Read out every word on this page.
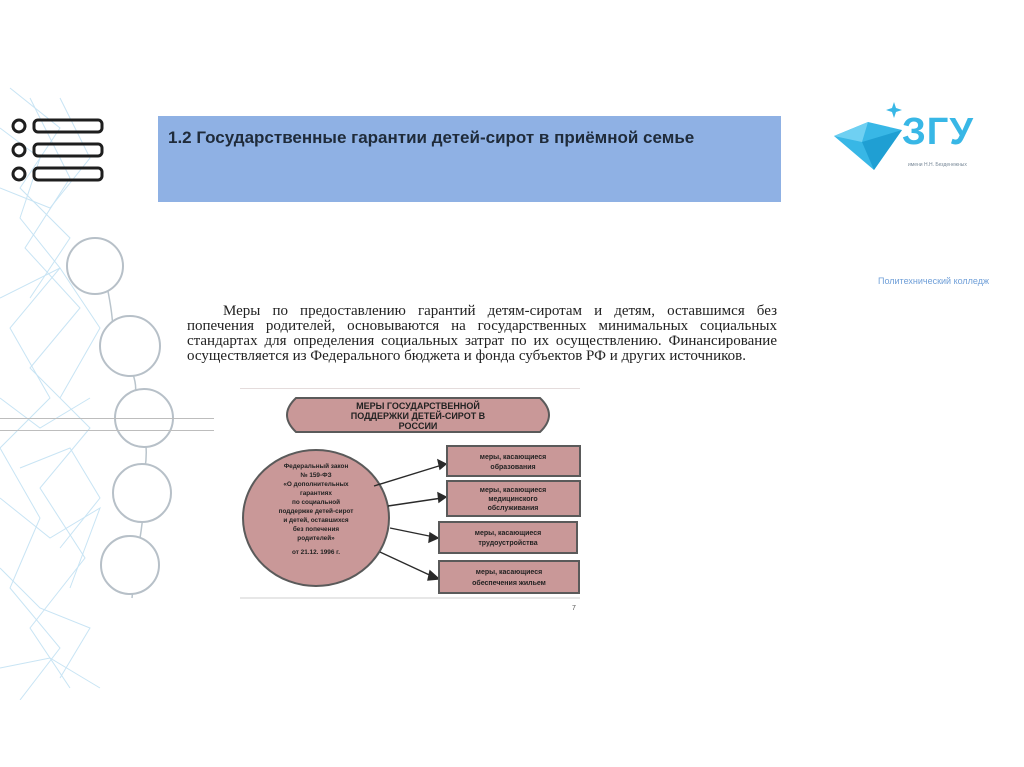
1.2 Государственные гарантии детей-сирот в приёмной семье	ЗГУ
имени Н.Н. Безденежных
Политехнический колледж
Меры по предоставлению гарантий детям-сиротам и детям, оставшимся без попечения родителей, основываются на государственных минимальных социальных стандартах для определения социальных затрат по их осуществлению. Финансирование осуществляется из Федерального бюджета и фонда субъектов РФ и других источников.
МЕРЫ ГОСУДАРСТВЕННОЙ
ПОДДЕРЖКИ ДЕТЕЙ-СИРОТ В
РОССИИ
Федеральный закон
№ 159-ФЗ
«О дополнительных
гарантиях
по социальной
поддержке детей-сирот
и детей, оставшихся
без попечения
родителей»
от 21.12. 1996 г.
меры, касающиеся
образования
меры, касающиеся
медицинского
обслуживания
меры, касающиеся
трудоустройства
меры, касающиеся
обеспечения жильем
7
